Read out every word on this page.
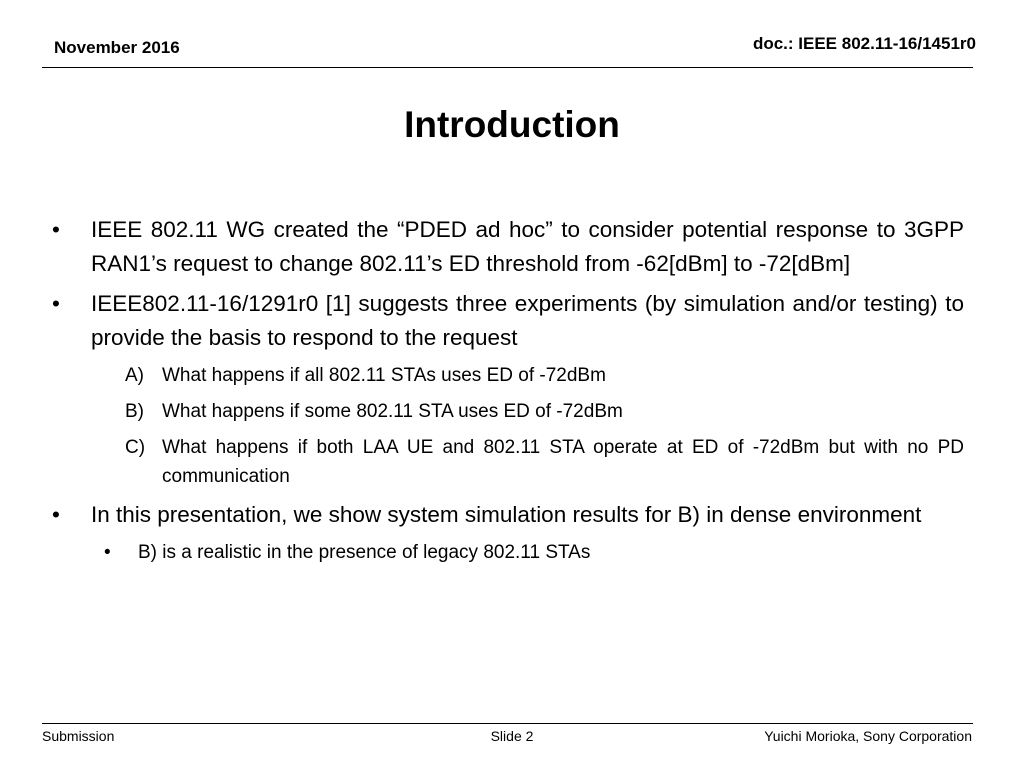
November 2016	doc.: IEEE 802.11-16/1451r0
Introduction
•	IEEE 802.11 WG created the “PDED ad hoc” to consider potential response to 3GPP RAN1’s request to change 802.11’s ED threshold from -62[dBm] to -72[dBm]
•	IEEE802.11-16/1291r0 [1] suggests three experiments (by simulation and/or testing) to provide the basis to respond to the request
A) What happens if all 802.11 STAs uses ED of -72dBm
B) What happens if some 802.11 STA uses ED of -72dBm
C) What happens if both LAA UE and 802.11 STA operate at ED of -72dBm but with no PD communication
•	In this presentation, we show system simulation results for B) in dense environment
• B) is a realistic in the presence of legacy 802.11 STAs
Submission	Slide 2	Yuichi Morioka, Sony Corporation
